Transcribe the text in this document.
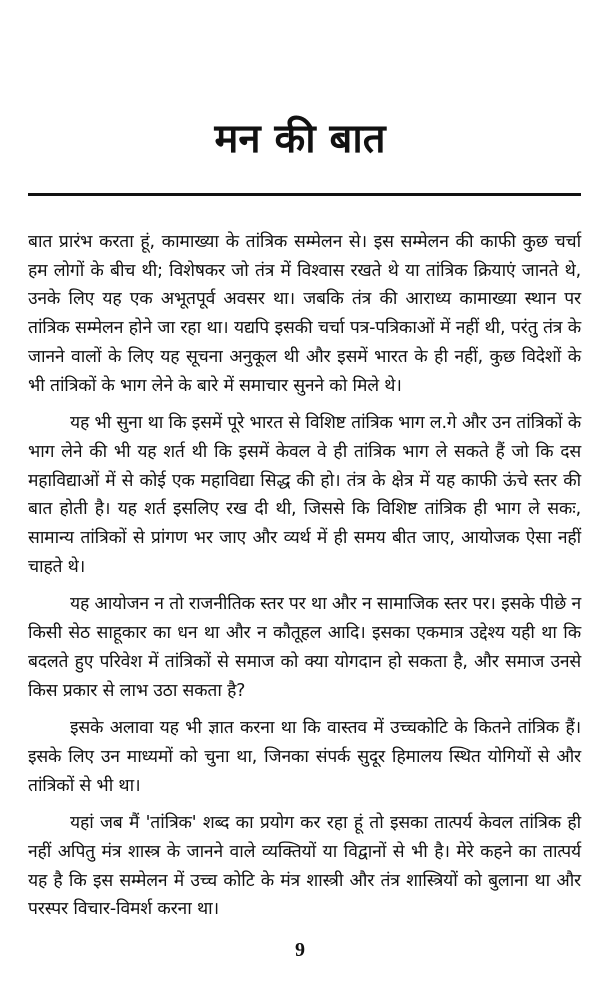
मन की बात

बात प्रारंभ करता हूं, कामाख्या के तांत्रिक सम्मेलन से। इस सम्मेलन की काफी कुछ चर्चा हम लोगों के बीच थी; विशेषकर जो तंत्र में विश्वास रखते थे या तांत्रिक क्रियाएं जानते थे, उनके लिए यह एक अभूतपूर्व अवसर था। जबकि तंत्र की आराध्य कामाख्या स्थान पर तांत्रिक सम्मेलन होने जा रहा था। यद्यपि इसकी चर्चा पत्र-पत्रिकाओं में नहीं थी, परंतु तंत्र के जानने वालों के लिए यह सूचना अनुकूल थी और इसमें भारत के ही नहीं, कुछ विदेशों के भी तांत्रिकों के भाग लेने के बारे में समाचार सुनने को मिले थे।

यह भी सुना था कि इसमें पूरे भारत से विशिष्ट तांत्रिक भाग ल.गे और उन तांत्रिकों के भाग लेने की भी यह शर्त थी कि इसमें केवल वे ही तांत्रिक भाग ले सकते हैं जो कि दस महाविद्याओं में से कोई एक महाविद्या सिद्ध की हो। तंत्र के क्षेत्र में यह काफी ऊंचे स्तर की बात होती है। यह शर्त इसलिए रख दी थी, जिससे कि विशिष्ट तांत्रिक ही भाग ले सकः, सामान्य तांत्रिकों से प्रांगण भर जाए और व्यर्थ में ही समय बीत जाए, आयोजक ऐसा नहीं चाहते थे।

यह आयोजन न तो राजनीतिक स्तर पर था और न सामाजिक स्तर पर। इसके पीछे न किसी सेठ साहूकार का धन था और न कौतूहल आदि। इसका एकमात्र उद्देश्य यही था कि बदलते हुए परिवेश में तांत्रिकों से समाज को क्या योगदान हो सकता है, और समाज उनसे किस प्रकार से लाभ उठा सकता है?

इसके अलावा यह भी ज्ञात करना था कि वास्तव में उच्चकोटि के कितने तांत्रिक हैं। इसके लिए उन माध्यमों को चुना था, जिनका संपर्क सुदूर हिमालय स्थित योगियों से और तांत्रिकों से भी था।

यहां जब मैं 'तांत्रिक' शब्द का प्रयोग कर रहा हूं तो इसका तात्पर्य केवल तांत्रिक ही नहीं अपितु मंत्र शास्त्र के जानने वाले व्यक्तियों या विद्वानों से भी है। मेरे कहने का तात्पर्य यह है कि इस सम्मेलन में उच्च कोटि के मंत्र शास्त्री और तंत्र शास्त्रियों को बुलाना था और परस्पर विचार-विमर्श करना था।

9
